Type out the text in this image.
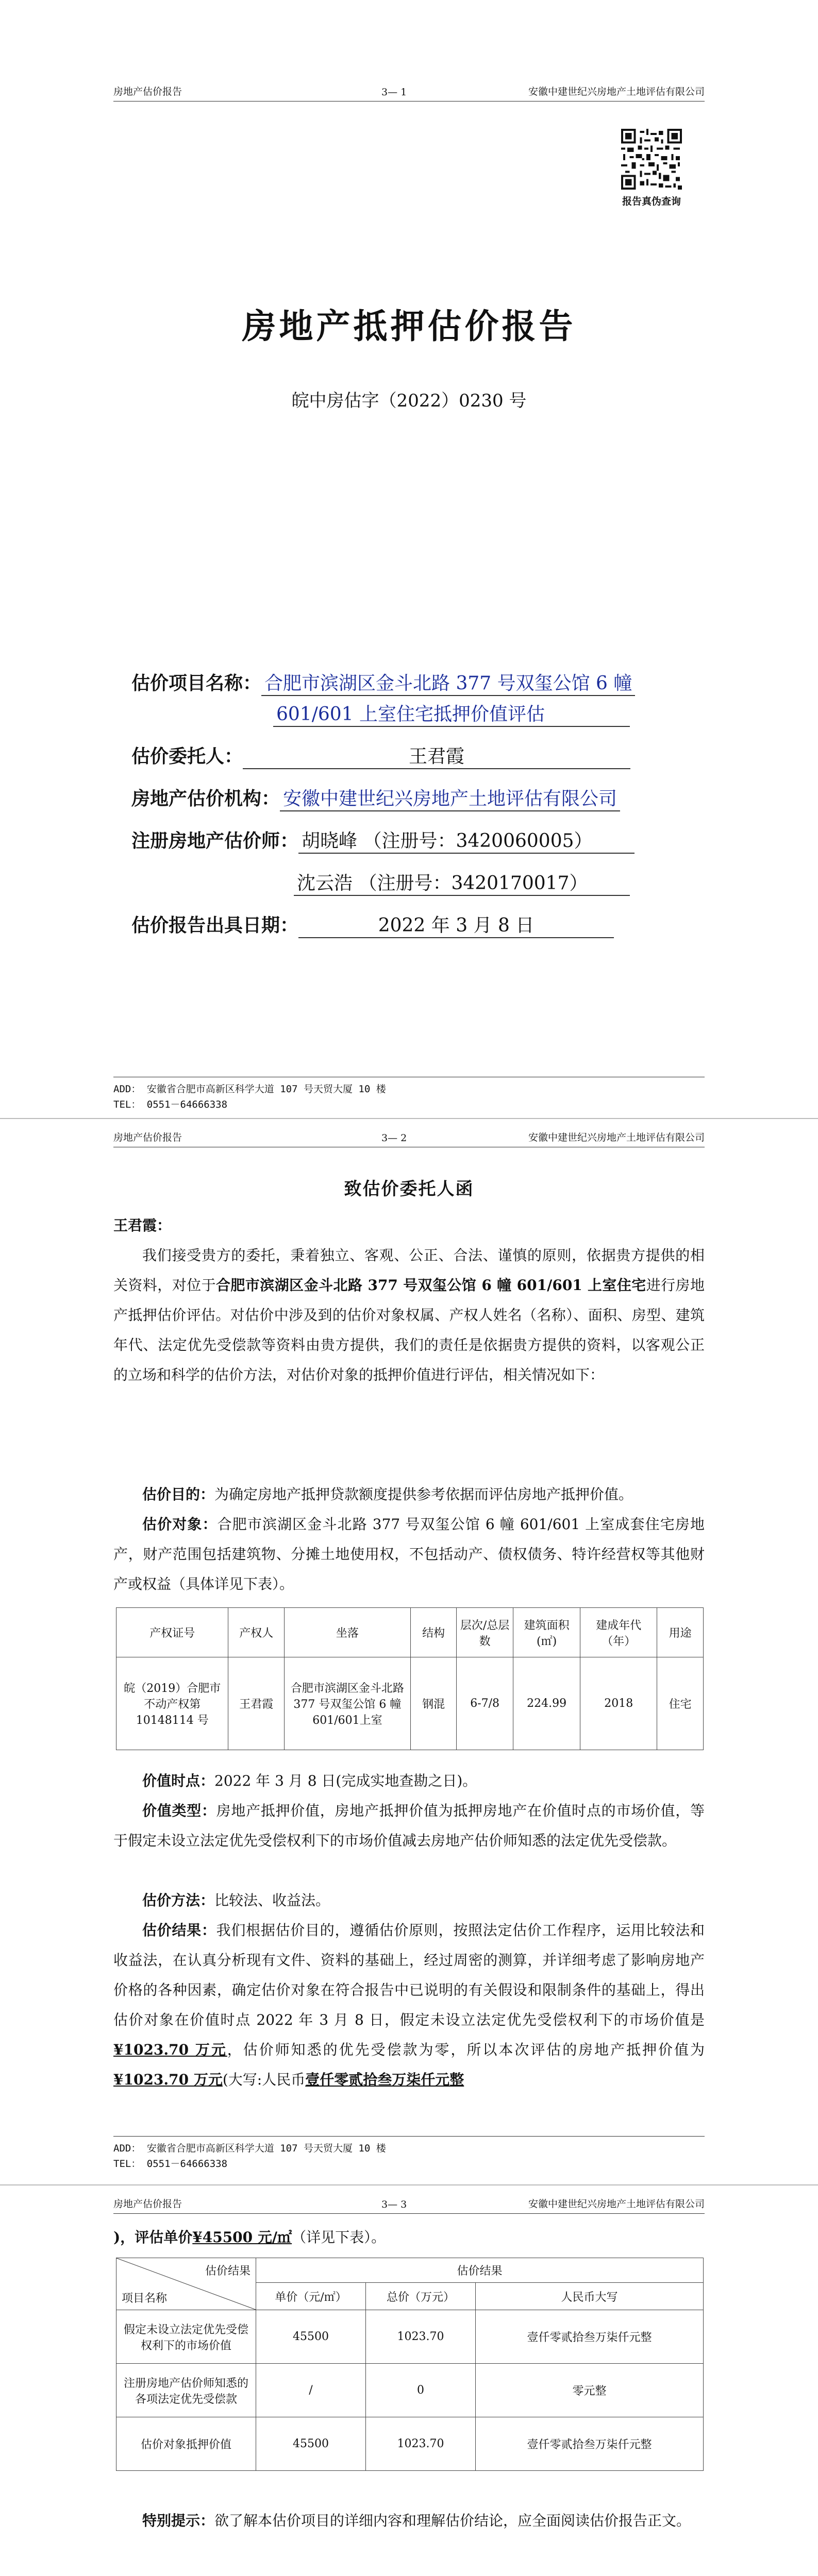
房地产估价报告	3— 1	安徽中建世纪兴房地产土地评估有限公司
报告真伪查询
房地产抵押估价报告
皖中房估字（2022）0230 号
估价项目名称： 合肥市滨湖区金斗北路 377 号双玺公馆 6 幢
601/601 上室住宅抵押价值评估
估价委托人：	王君霞
房地产估价机构： 安徽中建世纪兴房地产土地评估有限公司
注册房地产估价师： 胡晓峰 （注册号：3420060005）
沈云浩 （注册号：3420170017）
估价报告出具日期：	2022 年 3 月 8 日
ADD： 安徽省合肥市高新区科学大道 107 号天贸大厦 10 楼
TEL： 0551－64666338
房地产估价报告	3— 2	安徽中建世纪兴房地产土地评估有限公司
致估价委托人函
王君霞：
我们接受贵方的委托，秉着独立、客观、公正、合法、谨慎的原则，依据贵方提供的相关资料，对位于合肥市滨湖区金斗北路 377 号双玺公馆 6 幢 601/601 上室住宅进行房地产抵押估价评估。对估价中涉及到的估价对象权属、产权人姓名（名称）、面积、房型、建筑年代、法定优先受偿款等资料由贵方提供，我们的责任是依据贵方提供的资料，以客观公正的立场和科学的估价方法，对估价对象的抵押价值进行评估，相关情况如下：
估价目的：为确定房地产抵押贷款额度提供参考依据而评估房地产抵押价值。
估价对象：合肥市滨湖区金斗北路 377 号双玺公馆 6 幢 601/601 上室成套住宅房地产，财产范围包括建筑物、分摊土地使用权，不包括动产、债权债务、特许经营权等其他财产或权益（具体详见下表）。
产权证号	产权人	坐落	结构	层次/总层数	建筑面积(㎡)	建成年代（年）	用途
皖（2019）合肥市不动产权第10148114 号	王君霞	合肥市滨湖区金斗北路 377 号双玺公馆 6 幢 601/601上室	钢混	6-7/8	224.99	2018	住宅
价值时点：2022 年 3 月 8 日(完成实地查勘之日)。
价值类型：房地产抵押价值，房地产抵押价值为抵押房地产在价值时点的市场价值，等于假定未设立法定优先受偿权利下的市场价值减去房地产估价师知悉的法定优先受偿款。
估价方法：比较法、收益法。
估价结果：我们根据估价目的，遵循估价原则，按照法定估价工作程序，运用比较法和收益法，在认真分析现有文件、资料的基础上，经过周密的测算，并详细考虑了影响房地产价格的各种因素，确定估价对象在符合报告中已说明的有关假设和限制条件的基础上，得出估价对象在价值时点 2022 年 3 月 8 日，假定未设立法定优先受偿权利下的市场价值是¥1023.70 万元，估价师知悉的优先受偿款为零，所以本次评估的房地产抵押价值为¥1023.70 万元(大写:人民币壹仟零贰拾叁万柒仟元整
ADD： 安徽省合肥市高新区科学大道 107 号天贸大厦 10 楼
TEL： 0551－64666338
房地产估价报告	3— 3	安徽中建世纪兴房地产土地评估有限公司
)，评估单价¥45500 元/㎡（详见下表）。
估价结果
项目名称	估价结果		
	单价（元/㎡）	总价（万元）	人民币大写
假定未设立法定优先受偿权利下的市场价值	45500	1023.70	壹仟零贰拾叁万柒仟元整
注册房地产估价师知悉的各项法定优先受偿款	/	0	零元整
估价对象抵押价值	45500	1023.70	壹仟零贰拾叁万柒仟元整
特别提示：欲了解本估价项目的详细内容和理解估价结论，应全面阅读估价报告正文。
